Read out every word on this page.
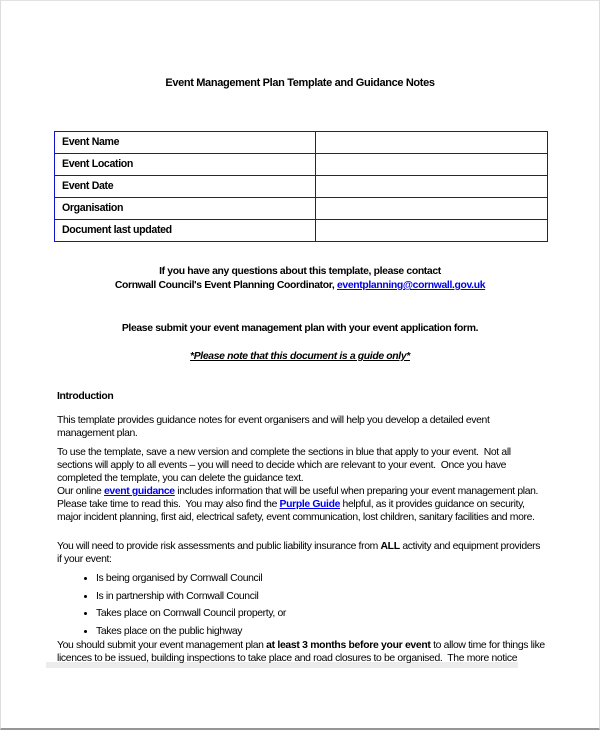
Event Management Plan Template and Guidance Notes
Event Name	
Event Location	
Event Date	
Organisation	
Document last updated	
If you have any questions about this template, please contact
Cornwall Council's Event Planning Coordinator, eventplanning@cornwall.gov.uk
Please submit your event management plan with your event application form.
*Please note that this document is a guide only*
Introduction

This template provides guidance notes for event organisers and will help you develop a detailed event management plan.

To use the template, save a new version and complete the sections in blue that apply to your event.  Not all sections will apply to all events – you will need to decide which are relevant to your event.  Once you have completed the template, you can delete the guidance text.

Our online event guidance includes information that will be useful when preparing your event management plan. Please take time to read this.  You may also find the Purple Guide helpful, as it provides guidance on security, major incident planning, first aid, electrical safety, event communication, lost children, sanitary facilities and more.

You will need to provide risk assessments and public liability insurance from ALL activity and equipment providers if your event:

• Is being organised by Cornwall Council
• Is in partnership with Cornwall Council
• Takes place on Cornwall Council property, or
• Takes place on the public highway

You should submit your event management plan at least 3 months before your event to allow time for things like licences to be issued, building inspections to take place and road closures to be organised.  The more notice
